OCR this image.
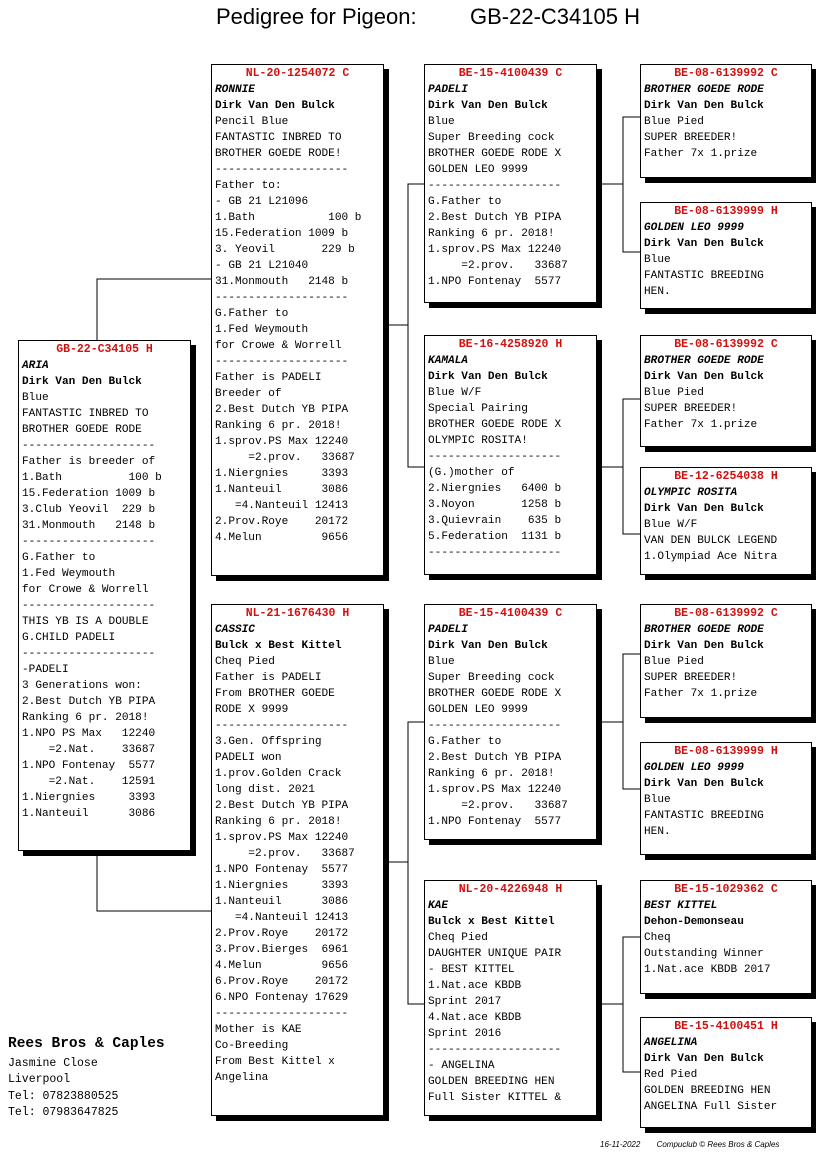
Pedigree for Pigeon: GB-22-C34105 H
GB-22-C34105 H
ARIA
Dirk Van Den Bulck
Blue
FANTASTIC INBRED TO
BROTHER GOEDE RODE
--------------------
Father is breeder of
1.Bath          100 b
15.Federation 1009 b
3.Club Yeovil  229 b
31.Monmouth   2148 b
--------------------
G.Father to
1.Fed Weymouth
for Crowe & Worrell
--------------------
THIS YB IS A DOUBLE
G.CHILD PADELI
--------------------
-PADELI
3 Generations won:
2.Best Dutch YB PIPA
Ranking 6 pr. 2018!
1.NPO PS Max   12240
=2.Nat.    33687
1.NPO Fontenay  5577
=2.Nat.    12591
1.Niergnies     3393
1.Nanteuil      3086
NL-20-1254072 C
RONNIE
Dirk Van Den Bulck
Pencil Blue
FANTASTIC INBRED TO
BROTHER GOEDE RODE!
--------------------
Father to:
- GB 21 L21096
1.Bath           100 b
15.Federation 1009 b
3. Yeovil       229 b
- GB 21 L21040
31.Monmouth   2148 b
--------------------
G.Father to
1.Fed Weymouth
for Crowe & Worrell
--------------------
Father is PADELI
Breeder of
2.Best Dutch YB PIPA
Ranking 6 pr. 2018!
1.sprov.PS Max 12240
=2.prov.   33687
1.Niergnies     3393
1.Nanteuil      3086
=4.Nanteuil 12413
2.Prov.Roye    20172
4.Melun         9656
NL-21-1676430 H
CASSIC
Bulck x Best Kittel
Cheq Pied
Father is PADELI
From BROTHER GOEDE
RODE X 9999
--------------------
3.Gen. Offspring
PADELI won
1.prov.Golden Crack
long dist. 2021
2.Best Dutch YB PIPA
Ranking 6 pr. 2018!
1.sprov.PS Max 12240
=2.prov.   33687
1.NPO Fontenay  5577
1.Niergnies     3393
1.Nanteuil      3086
=4.Nanteuil 12413
2.Prov.Roye    20172
3.Prov.Bierges  6961
4.Melun         9656
6.Prov.Roye    20172
6.NPO Fontenay 17629
--------------------
Mother is KAE
Co-Breeding
From Best Kittel x
Angelina
BE-15-4100439 C
PADELI
Dirk Van Den Bulck
Blue
Super Breeding cock
BROTHER GOEDE RODE X
GOLDEN LEO 9999
--------------------
G.Father to
2.Best Dutch YB PIPA
Ranking 6 pr. 2018!
1.sprov.PS Max 12240
=2.prov.   33687
1.NPO Fontenay  5577
BE-16-4258920 H
KAMALA
Dirk Van Den Bulck
Blue W/F
Special Pairing
BROTHER GOEDE RODE X
OLYMPIC ROSITA!
--------------------
(G.)mother of
2.Niergnies   6400 b
3.Noyon       1258 b
3.Quievrain    635 b
5.Federation  1131 b
--------------------
BE-15-4100439 C
PADELI
Dirk Van Den Bulck
Blue
Super Breeding cock
BROTHER GOEDE RODE X
GOLDEN LEO 9999
--------------------
G.Father to
2.Best Dutch YB PIPA
Ranking 6 pr. 2018!
1.sprov.PS Max 12240
=2.prov.   33687
1.NPO Fontenay  5577
NL-20-4226948 H
KAE
Bulck x Best Kittel
Cheq Pied
DAUGHTER UNIQUE PAIR
- BEST KITTEL
1.Nat.ace KBDB
Sprint 2017
4.Nat.ace KBDB
Sprint 2016
--------------------
- ANGELINA
GOLDEN BREEDING HEN
Full Sister KITTEL &
BE-08-6139992 C
BROTHER GOEDE RODE
Dirk Van Den Bulck
Blue Pied
SUPER BREEDER!
Father 7x 1.prize
BE-08-6139999 H
GOLDEN LEO 9999
Dirk Van Den Bulck
Blue
FANTASTIC BREEDING
HEN.
BE-08-6139992 C
BROTHER GOEDE RODE
Dirk Van Den Bulck
Blue Pied
SUPER BREEDER!
Father 7x 1.prize
BE-12-6254038 H
OLYMPIC ROSITA
Dirk Van Den Bulck
Blue W/F
VAN DEN BULCK LEGEND
1.Olympiad Ace Nitra
BE-08-6139992 C
BROTHER GOEDE RODE
Dirk Van Den Bulck
Blue Pied
SUPER BREEDER!
Father 7x 1.prize
BE-08-6139999 H
GOLDEN LEO 9999
Dirk Van Den Bulck
Blue
FANTASTIC BREEDING
HEN.
BE-15-1029362 C
BEST KITTEL
Dehon-Demonseau
Cheq
Outstanding Winner
1.Nat.ace KBDB 2017
BE-15-4100451 H
ANGELINA
Dirk Van Den Bulck
Red Pied
GOLDEN BREEDING HEN
ANGELINA Full Sister
Rees Bros & Caples
Jasmine Close
Liverpool
Tel: 07823880525
Tel: 07983647825
16-11-2022 Compuclub © Rees Bros & Caples
